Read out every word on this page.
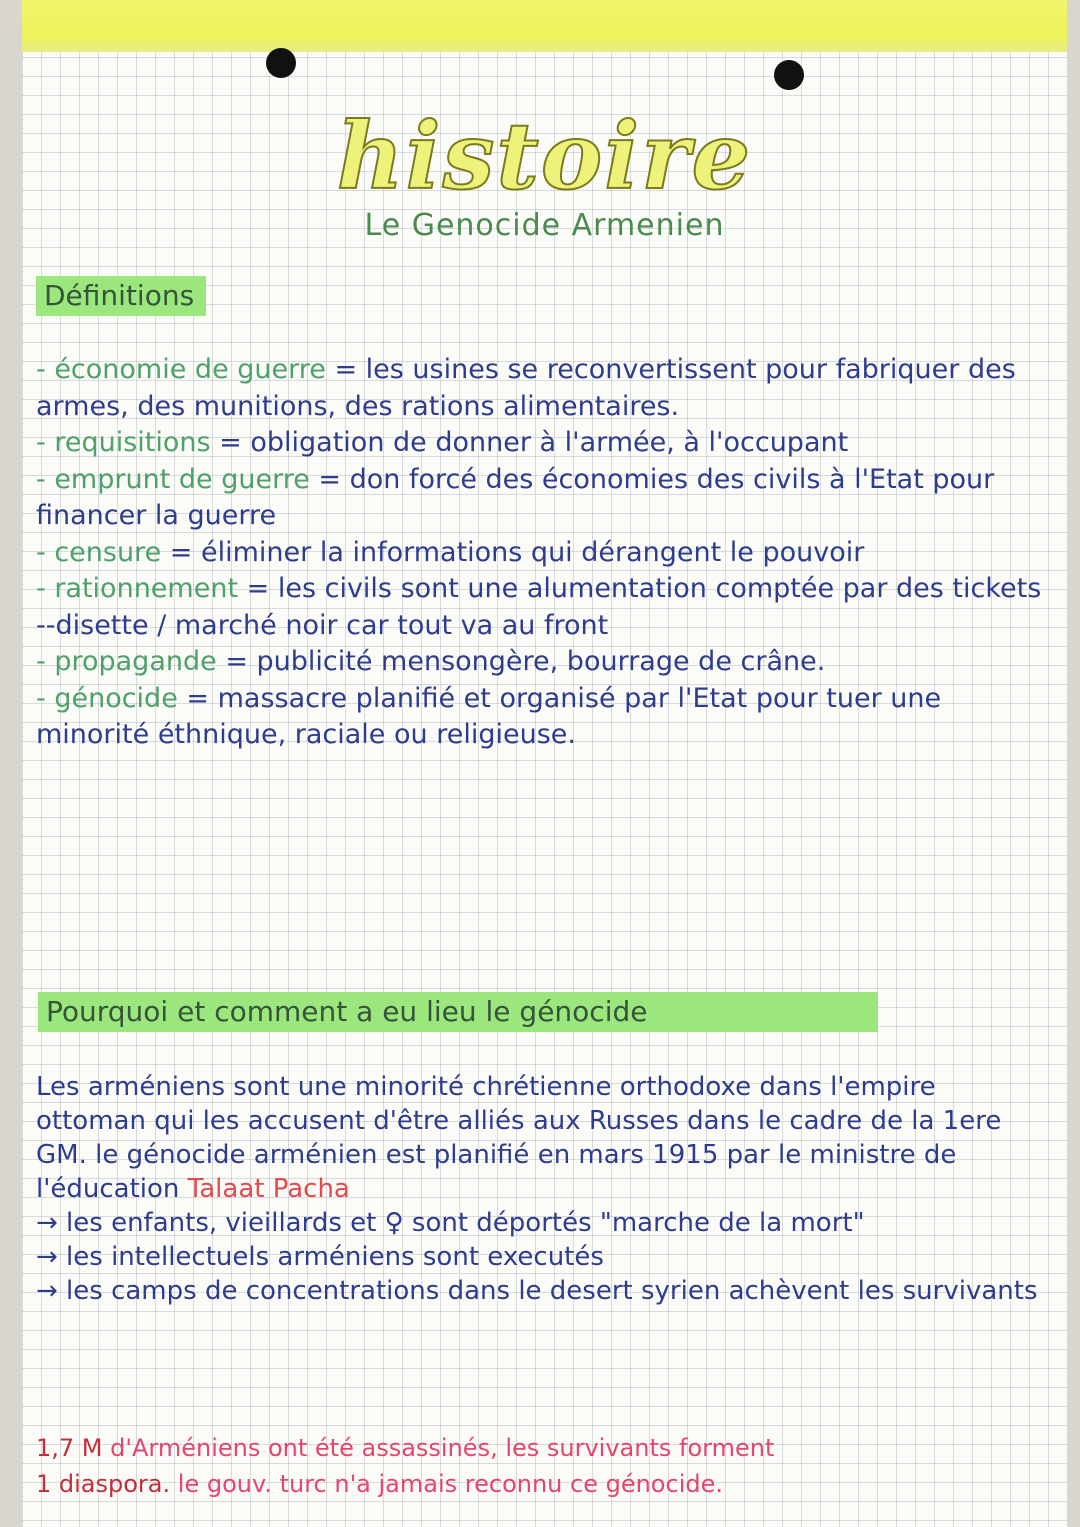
histoire
Le Genocide Armenien
Définitions

- économie de guerre = les usines se reconvertissent pour fabriquer des armes, des munitions, des rations alimentaires.

- requisitions = obligation de donner à l'armée, à l'occupant

- emprunt de guerre = don forcé des économies des civils à l'Etat pour financer la guerre

- censure = éliminer la informations qui dérangent le pouvoir

- rationnement = les civils sont une alumentation comptée par des tickets --disette / marché noir car tout va au front

- propagande = publicité mensongère, bourrage de crâne.

- génocide = massacre planifié et organisé par l'Etat pour tuer une minorité éthnique, raciale ou religieuse.

Pourquoi et comment a eu lieu le génocide

Les arméniens sont une minorité chrétienne orthodoxe dans l'empire ottoman qui les accusent d'être alliés aux Russes dans le cadre de la 1ere GM. le génocide arménien est planifié en mars 1915 par le ministre de l'éducation Talaat Pacha

→ les enfants, vieillards et ♀ sont déportés "marche de la mort"

→ les intellectuels arméniens sont executés

→ les camps de concentrations dans le desert syrien achèvent les survivants

1,7 M d'Arméniens ont été assassinés, les survivants forment

1 diaspora. le gouv. turc n'a jamais reconnu ce génocide.
